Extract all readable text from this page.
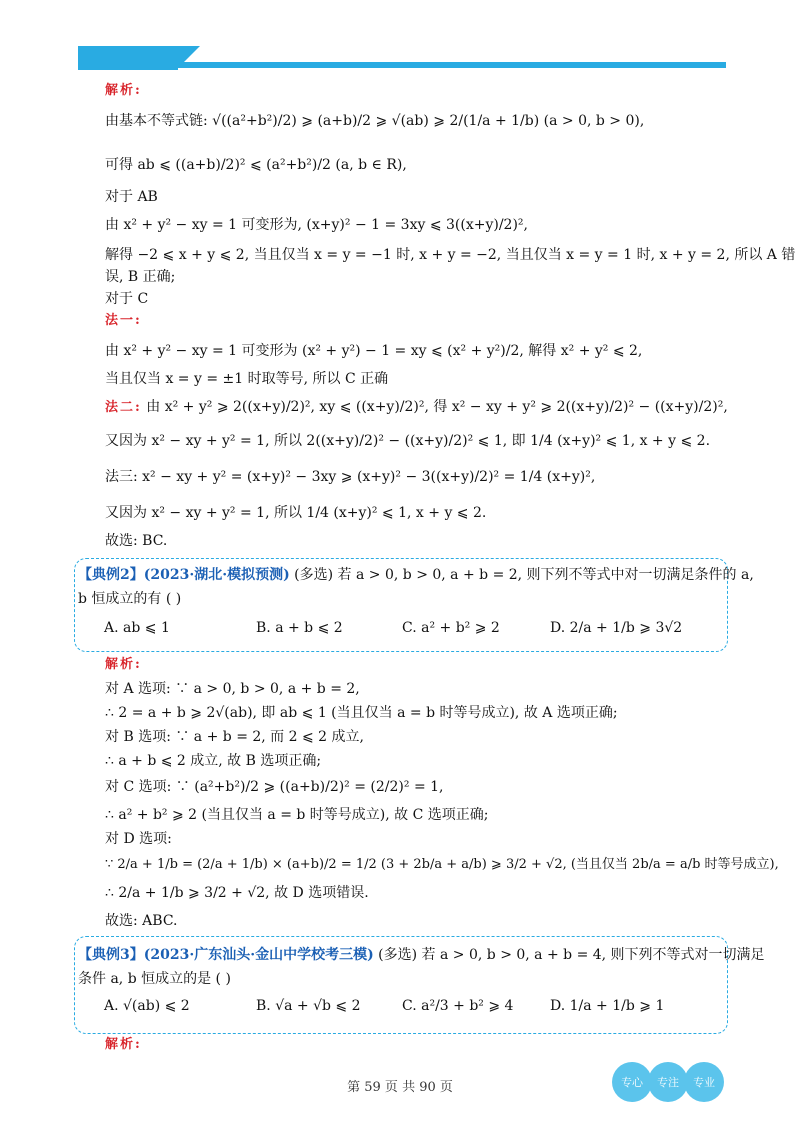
解析:
由基本不等式链: √((a²+b²)/2) ⩾ (a+b)/2 ⩾ √(ab) ⩾ 2/(1/a + 1/b) (a > 0, b > 0),
可得 ab ⩽ ((a+b)/2)² ⩽ (a²+b²)/2 (a, b ∈ R),
对于 AB
由 x² + y² − xy = 1 可变形为, (x+y)² − 1 = 3xy ⩽ 3((x+y)/2)²,
解得 −2 ⩽ x + y ⩽ 2, 当且仅当 x = y = −1 时, x + y = −2, 当且仅当 x = y = 1 时, x + y = 2, 所以 A 错
误, B 正确;
对于 C
法一:
由 x² + y² − xy = 1 可变形为 (x² + y²) − 1 = xy ⩽ (x² + y²)/2, 解得 x² + y² ⩽ 2,
当且仅当 x = y = ±1 时取等号, 所以 C 正确
法二: 由 x² + y² ⩾ 2((x+y)/2)², xy ⩽ ((x+y)/2)², 得 x² − xy + y² ⩾ 2((x+y)/2)² − ((x+y)/2)²,
又因为 x² − xy + y² = 1, 所以 2((x+y)/2)² − ((x+y)/2)² ⩽ 1, 即 1/4 (x+y)² ⩽ 1, x + y ⩽ 2.
法三: x² − xy + y² = (x+y)² − 3xy ⩾ (x+y)² − 3((x+y)/2)² = 1/4 (x+y)²,
又因为 x² − xy + y² = 1, 所以 1/4 (x+y)² ⩽ 1, x + y ⩽ 2.
故选: BC.
【典例2】(2023·湖北·模拟预测) (多选) 若 a > 0, b > 0, a + b = 2, 则下列不等式中对一切满足条件的 a,
b 恒成立的有 ( )
A. ab ⩽ 1	B. a + b ⩽ 2	C. a² + b² ⩾ 2	D. 2/a + 1/b ⩾ 3√2
解析:
对 A 选项: ∵ a > 0, b > 0, a + b = 2,
∴ 2 = a + b ⩾ 2√(ab), 即 ab ⩽ 1 (当且仅当 a = b 时等号成立), 故 A 选项正确;
对 B 选项: ∵ a + b = 2, 而 2 ⩽ 2 成立,
∴ a + b ⩽ 2 成立, 故 B 选项正确;
对 C 选项: ∵ (a²+b²)/2 ⩾ ((a+b)/2)² = (2/2)² = 1,
∴ a² + b² ⩾ 2 (当且仅当 a = b 时等号成立), 故 C 选项正确;
对 D 选项:
∵ 2/a + 1/b = (2/a + 1/b) × (a+b)/2 = 1/2 (3 + 2b/a + a/b) ⩾ 3/2 + √2, (当且仅当 2b/a = a/b 时等号成立),
∴ 2/a + 1/b ⩾ 3/2 + √2, 故 D 选项错误.
故选: ABC.
【典例3】(2023·广东汕头·金山中学校考三模) (多选) 若 a > 0, b > 0, a + b = 4, 则下列不等式对一切满足
条件 a, b 恒成立的是 ( )
A. √(ab) ⩽ 2	B. √a + √b ⩽ 2	C. a²/3 + b² ⩾ 4	D. 1/a + 1/b ⩾ 1
解析:
第 59 页 共 90 页	专心	专注	专业
